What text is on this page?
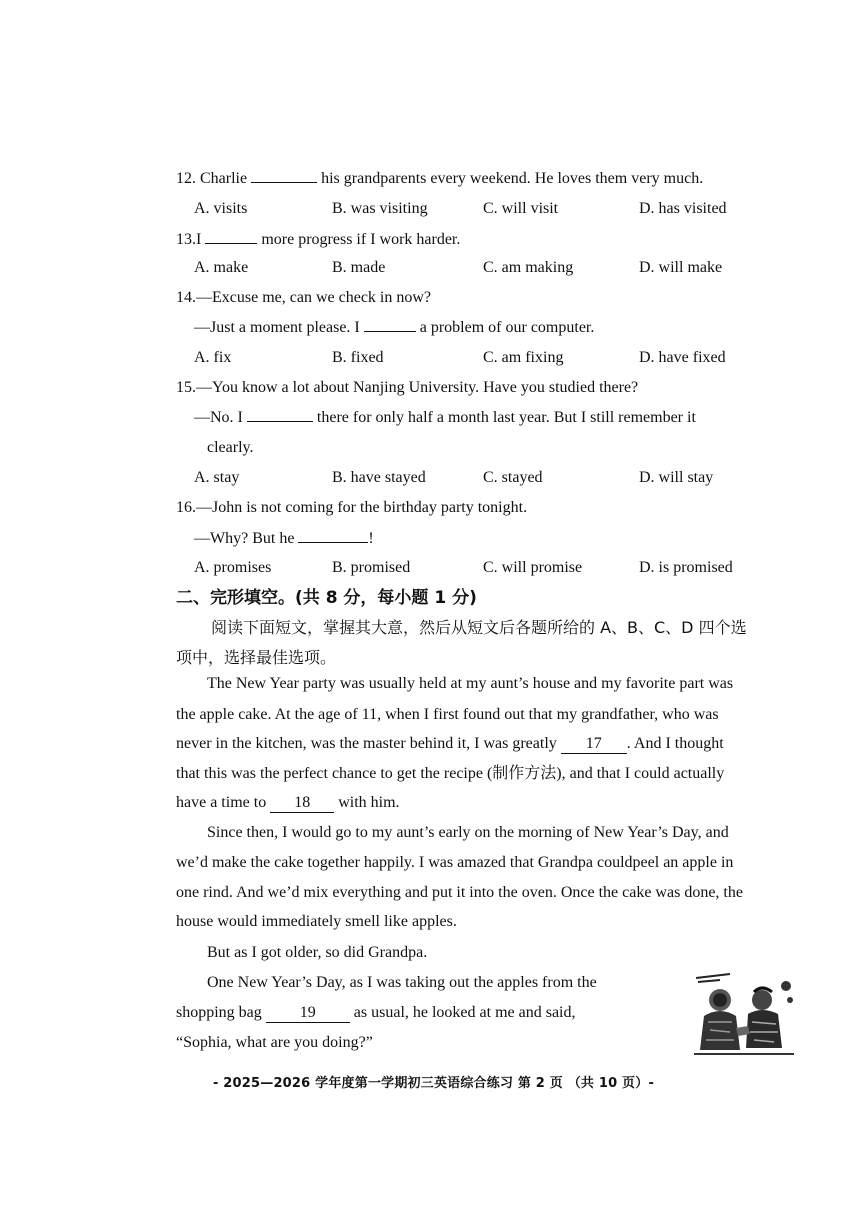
12. Charlie	his grandparents every weekend. He loves them very much.
A. visits	B. was visiting	C. will visit	D. has visited
13.I	more progress if I work harder.
A. make	B. made	C. am making	D. will make
14.—Excuse me, can we check in now?
—Just a moment please. I	a problem of our computer.
A. fix	B. fixed	C. am fixing	D. have fixed
15.—You know a lot about Nanjing University. Have you studied there?
—No. I	there for only half a month last year. But I still remember it
clearly.
A. stay	B. have stayed	C. stayed	D. will stay
16.—John is not coming for the birthday party tonight.
—Why? But he	!
A. promises	B. promised	C. will promise	D. is promised
二、完形填空。(共 8 分，每小题 1 分)
阅读下面短文，掌握其大意，然后从短文后各题所给的 A、B、C、D 四个选
项中，选择最佳选项。
The New Year party was usually held at my aunt’s house and my favorite part was
the apple cake. At the age of 11, when I first found out that my grandfather, who was
never in the kitchen, was the master behind it, I was greatly 17 . And I thought
that this was the perfect chance to get the recipe (制作方法), and that I could actually
have a time to 18 with him.
Since then, I would go to my aunt’s early on the morning of New Year’s Day, and
we’d make the cake together happily. I was amazed that Grandpa couldpeel an apple in
one rind. And we’d mix everything and put it into the oven. Once the cake was done, the
house would immediately smell like apples.
But as I got older, so did Grandpa.
One New Year’s Day, as I was taking out the apples from the
shopping bag 19 as usual, he looked at me and said,
“Sophia, what are you doing?”
- 2025—2026 学年度第一学期初三英语综合练习 第 2 页 （共 10 页）-
